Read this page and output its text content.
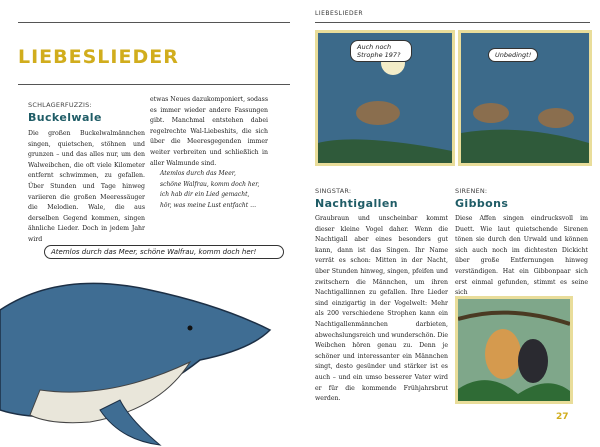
LIEBESLIEDER
SCHLAGERFUZZIS:
Buckelwale
Die großen Buckelwalmännchen singen, quietschen, stöhnen und grunzen – und das alles nur, um den Walweibchen, die oft viele Kilometer entfernt schwimmen, zu gefallen. Über Stunden und Tage hinweg variieren die großen Meeressäuger die Melodien. Wale, die aus derselben Gegend kommen, singen ähnliche Lieder. Doch in jedem Jahr wird
etwas Neues dazukomponiert, sodass es immer wieder andere Fassungen gibt. Manchmal entstehen dabei regelrechte Wal-Liebeshits, die sich über die Meeresgegenden immer weiter verbreiten und schließlich in aller Walmunde sind.
Atemlos durch das Meer,
schöne Walfrau, komm doch her,
ich hab dir ein Lied gemacht,
hör, was meine Lust entfacht …
Atemlos durch das Meer, schöne Walfrau, komm doch her!
LIEBESLIEDER
Auch noch Strophe 197?	Unbedingt!
SINGSTAR:
Nachtigallen
Graubraun und unscheinbar kommt dieser kleine Vogel daher. Wenn die Nachtigall aber eines besonders gut kann, dann ist das Singen. Ihr Name verrät es schon: Mitten in der Nacht, über Stunden hinweg, singen, pfeifen und zwitschern die Männchen, um ihren Nachtigallinnen zu gefallen. Ihre Lieder sind einzigartig in der Vogelwelt: Mehr als 200 verschiedene Strophen kann ein Nachtigallenmännchen darbieten, abwechslungsreich und wunderschön. Die Weibchen hören genau zu. Denn je schöner und interessanter ein Männchen singt, desto gesünder und stärker ist es auch – und ein umso besserer Vater wird er für die kommende Frühjahrsbrut werden.
SIRENEN:
Gibbons
Diese Affen singen eindrucksvoll im Duett. Wie laut quietschende Sirenen tönen sie durch den Urwald und können sich auch noch im dichtesten Dickicht über große Entfernungen hinweg verständigen. Hat ein Gibbonpaar sich erst einmal gefunden, stimmt es seine sich
27
